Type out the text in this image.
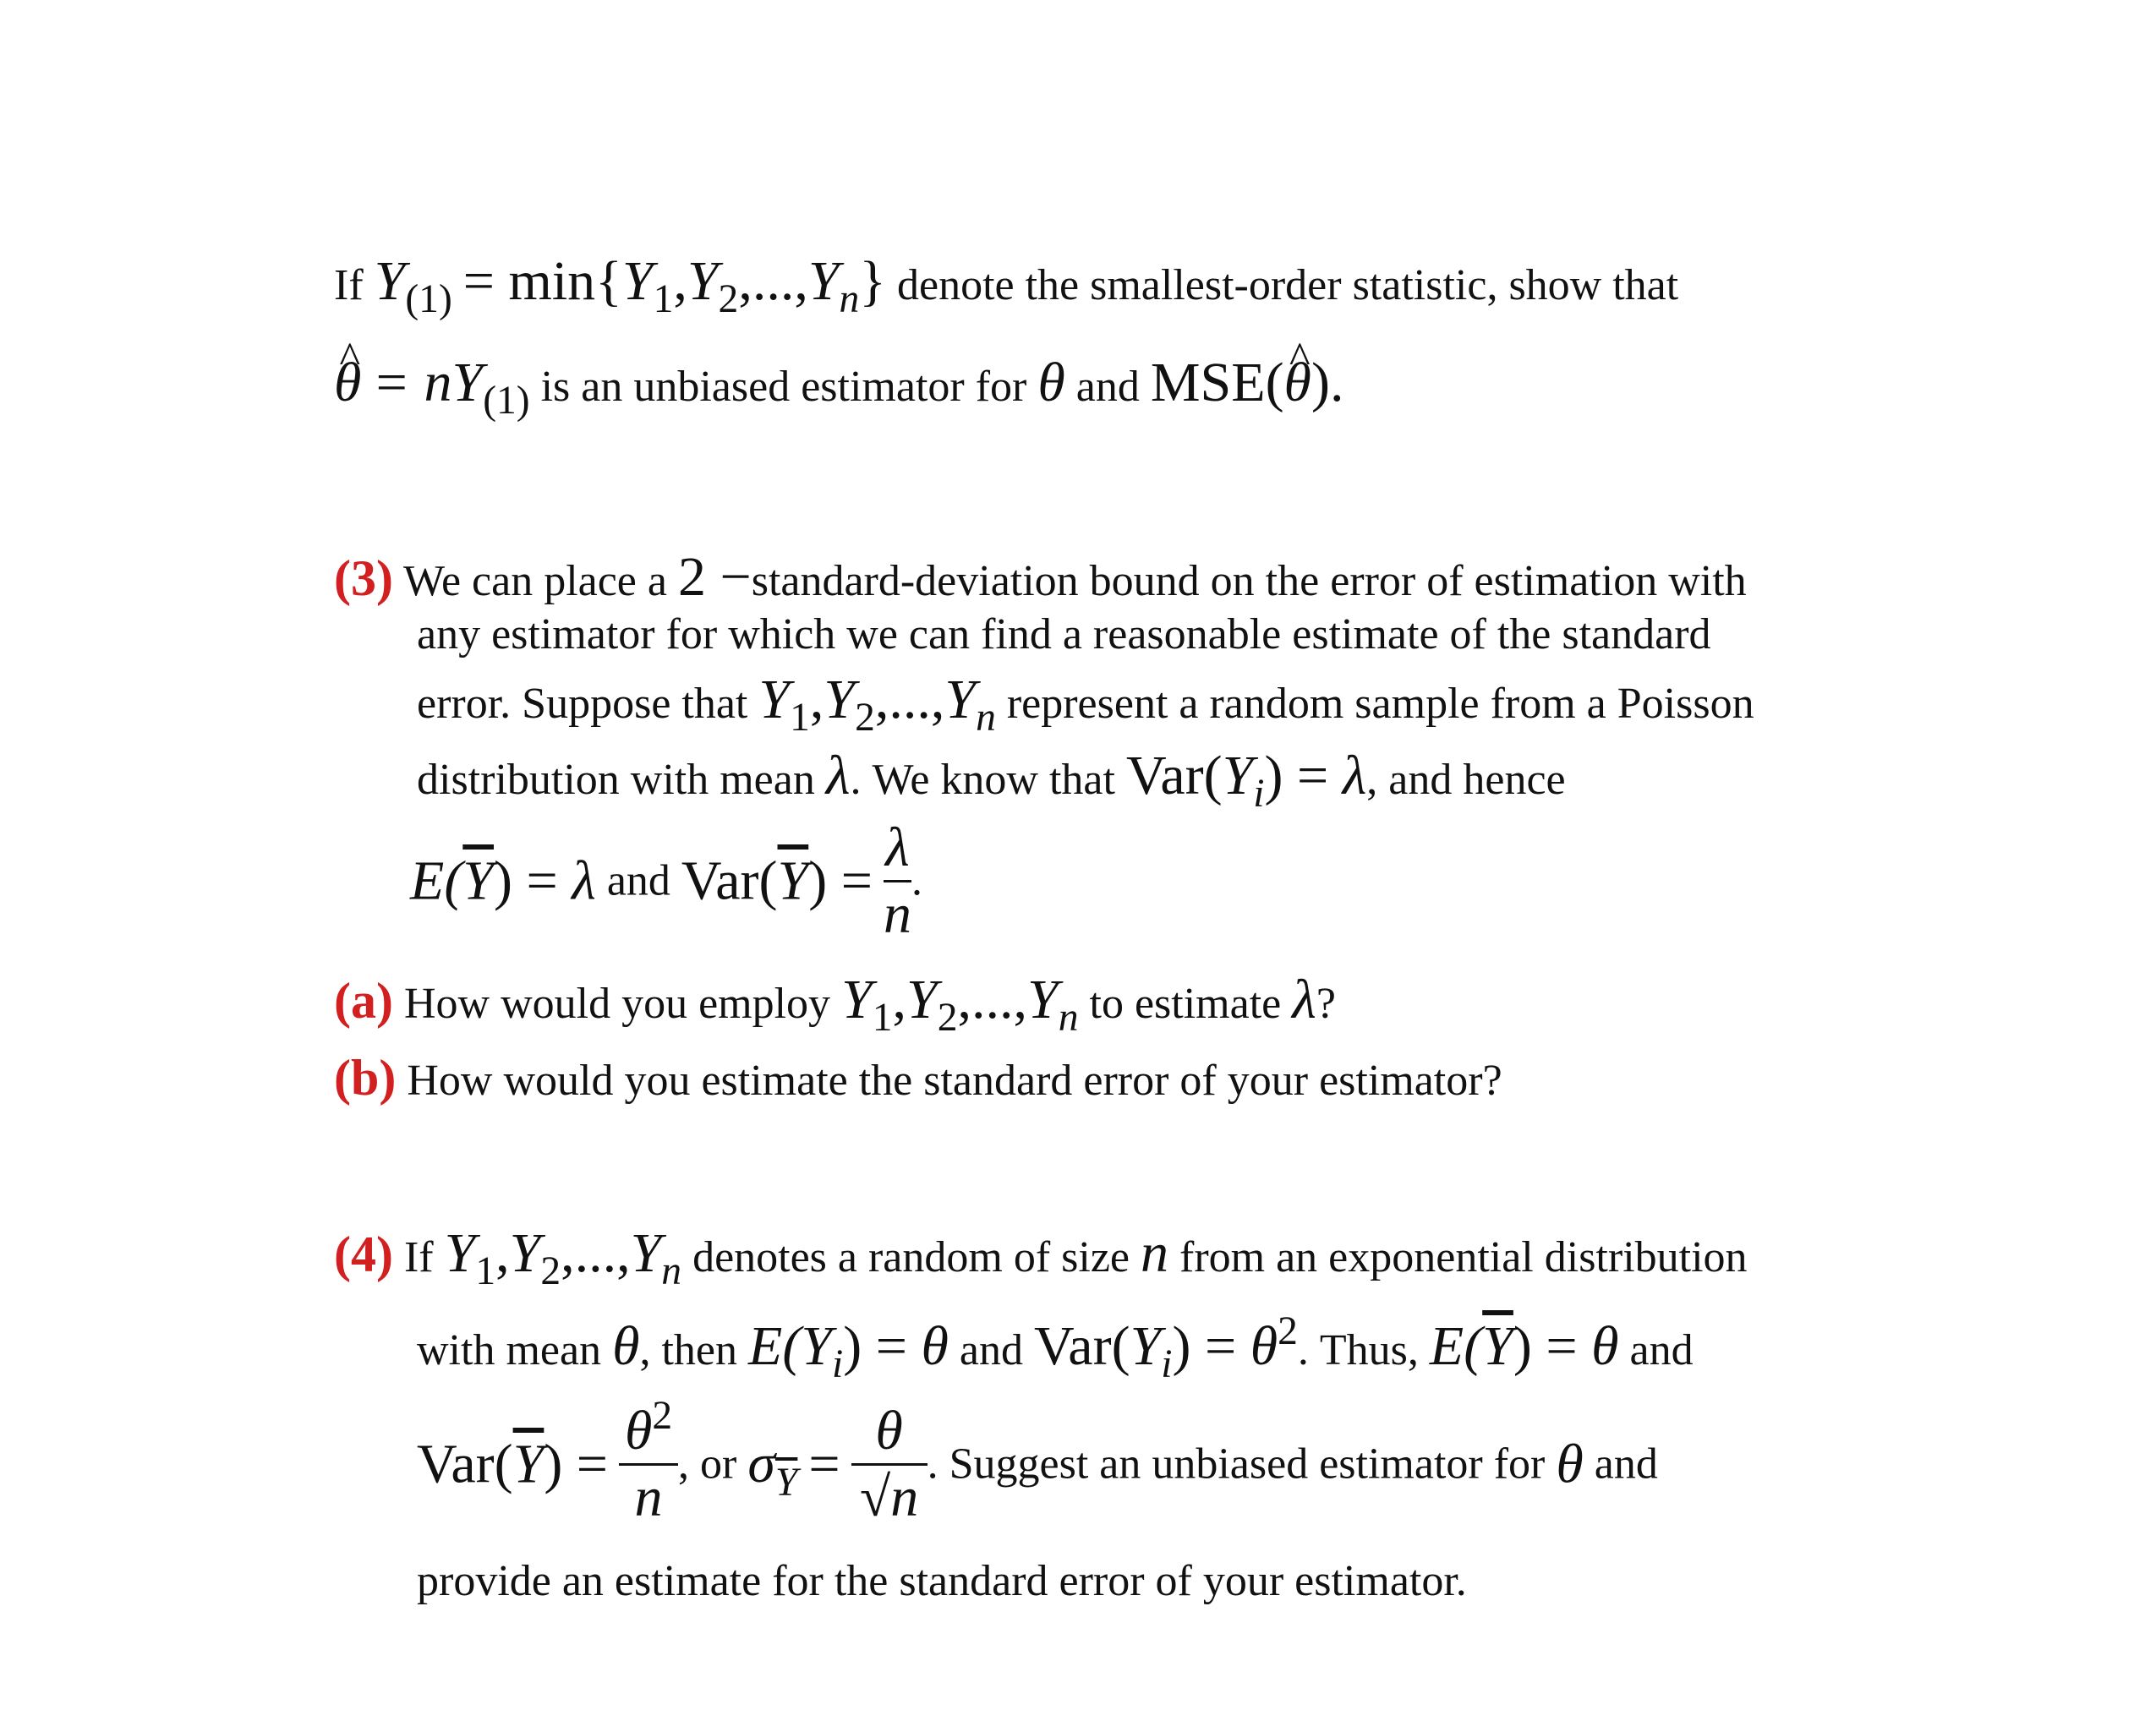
If $Y_{(1)} = \min\{Y_1,Y_2,...,Y_n\}$ denote the smallest-order statistic, show that
^ $\theta = nY_{(1)}$ is an unbiased estimator for θ and MSE(^ θ).
(3) We can place a 2 −standard-deviation bound on the error of estimation with
any estimator for which we can find a reasonable estimate of the standard
error. Suppose that $Y_1,Y_2,...,Y_n$ represent a random sample from a Poisson
distribution with mean λ. We know that $Var(Y_i) = \lambda$, and hence
$E(\overline{Y}) = \lambda$ and $Var(\overline{Y}) = \frac{\lambda}{n}$ .
(a) How would you employ $Y_1,Y_2,...,Y_n$ to estimate λ?
(b) How would you estimate the standard error of your estimator?
(4) If $Y_1,Y_2,...,Y_n$ denotes a random of size n from an exponential distribution
with mean θ, then $E(Y_i) = \theta$ and $Var(Y_i) = \theta^2$. Thus, $E(\overline{Y}) = \theta$ and
$Var(\overline{Y}) = \frac{\theta^2}{n}$ , or $\sigma_{\overline{Y}} = \frac{\theta}{√n}$ . Suggest an unbiased estimator for θ and
provide an estimate for the standard error of your estimator.
